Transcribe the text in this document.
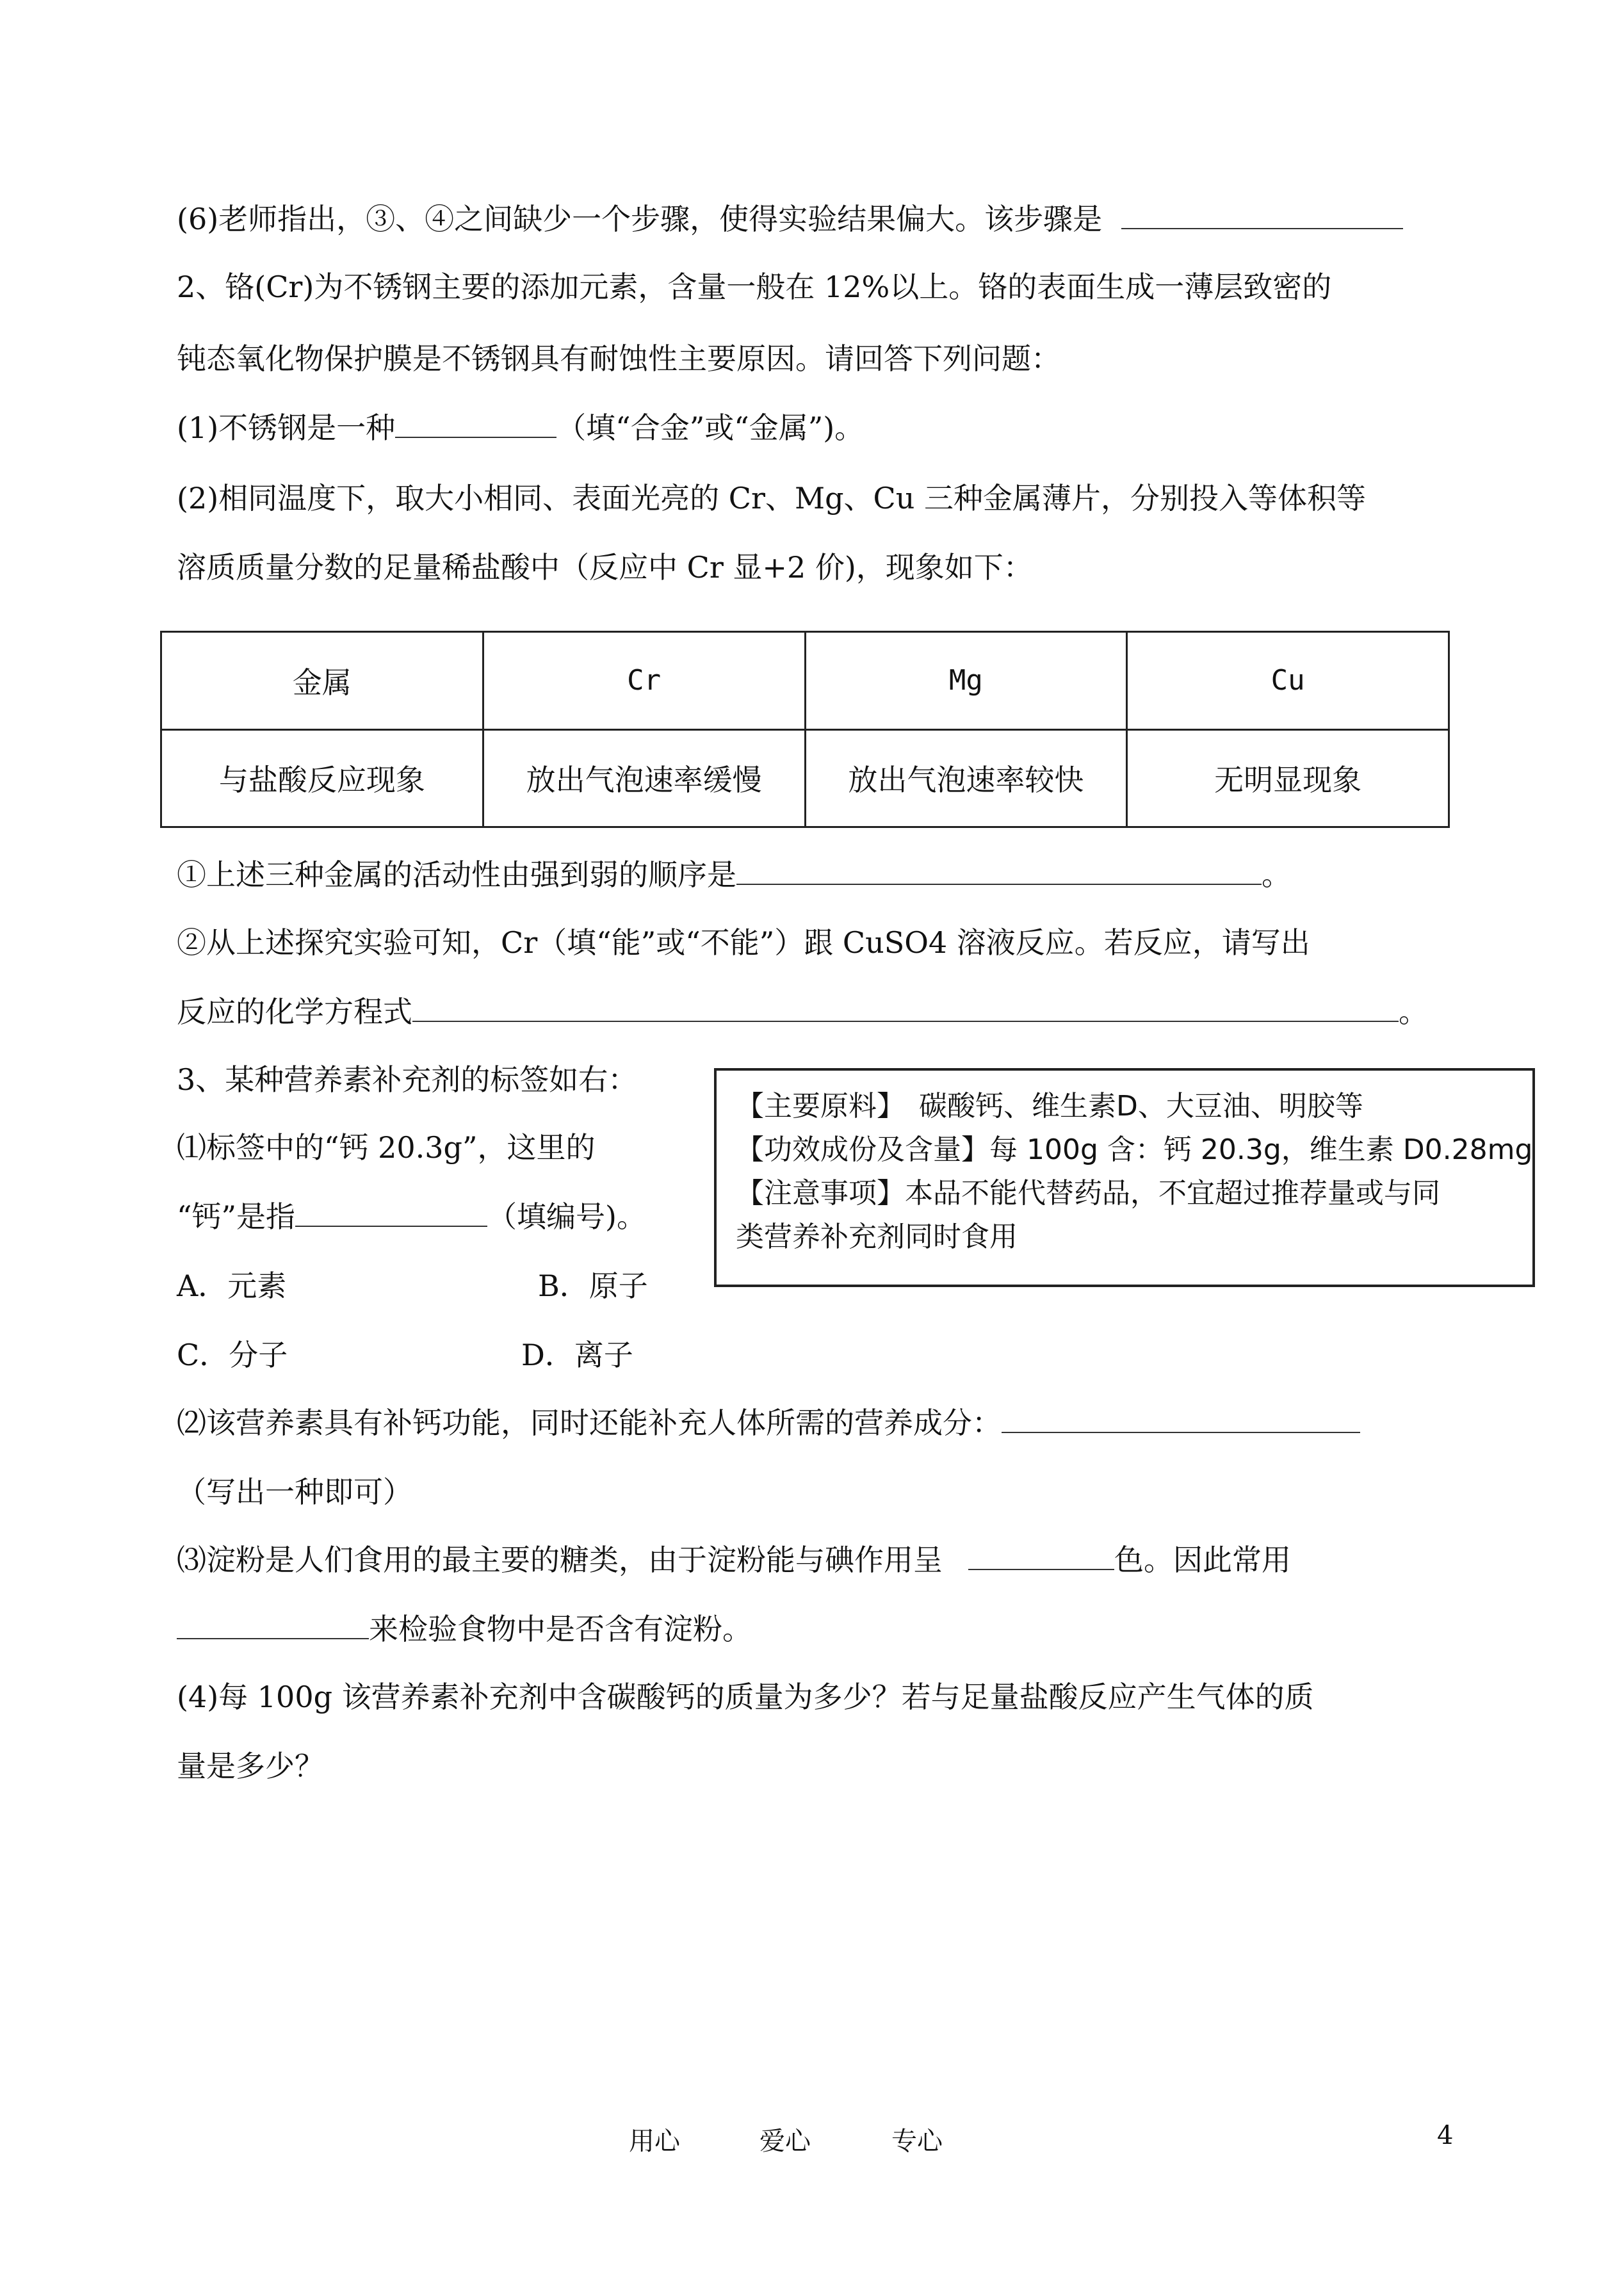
(6)老师指出，③、④之间缺少一个步骤，使得实验结果偏大。该步骤是
2、铬(Cr)为不锈钢主要的添加元素，含量一般在 12%以上。铬的表面生成一薄层致密的
钝态氧化物保护膜是不锈钢具有耐蚀性主要原因。请回答下列问题：
(1)不锈钢是一种	（填“合金”或“金属”)。
(2)相同温度下，取大小相同、表面光亮的 Cr、Mg、Cu 三种金属薄片，分别投入等体积等
溶质质量分数的足量稀盐酸中（反应中 Cr 显+2 价)，现象如下：
金属	Cr	Mg	Cu
与盐酸反应现象	放出气泡速率缓慢	放出气泡速率较快	无明显现象
①上述三种金属的活动性由强到弱的顺序是	。
②从上述探究实验可知，Cr（填“能”或“不能”）跟 CuSO4 溶液反应。若反应，请写出
反应的化学方程式	。
3、某种营养素补充剂的标签如右：
⑴标签中的“钙 20.3g”，这里的
“钙”是指	（填编号)。
A．元素	B．原子
C．分子	D．离子
【主要原料】　碳酸钙、维生素D、大豆油、明胶等
【功效成份及含量】每 100g 含：钙 20.3g，维生素 D0.28mg
【注意事项】本品不能代替药品，不宜超过推荐量或与同
类营养补充剂同时食用
⑵该营养素具有补钙功能，同时还能补充人体所需的营养成分：
（写出一种即可）
⑶淀粉是人们食用的最主要的糖类，由于淀粉能与碘作用呈	色。因此常用
来检验食物中是否含有淀粉。
(4)每 100g 该营养素补充剂中含碳酸钙的质量为多少？若与足量盐酸反应产生气体的质
量是多少？
用心	爱心	专心	4
